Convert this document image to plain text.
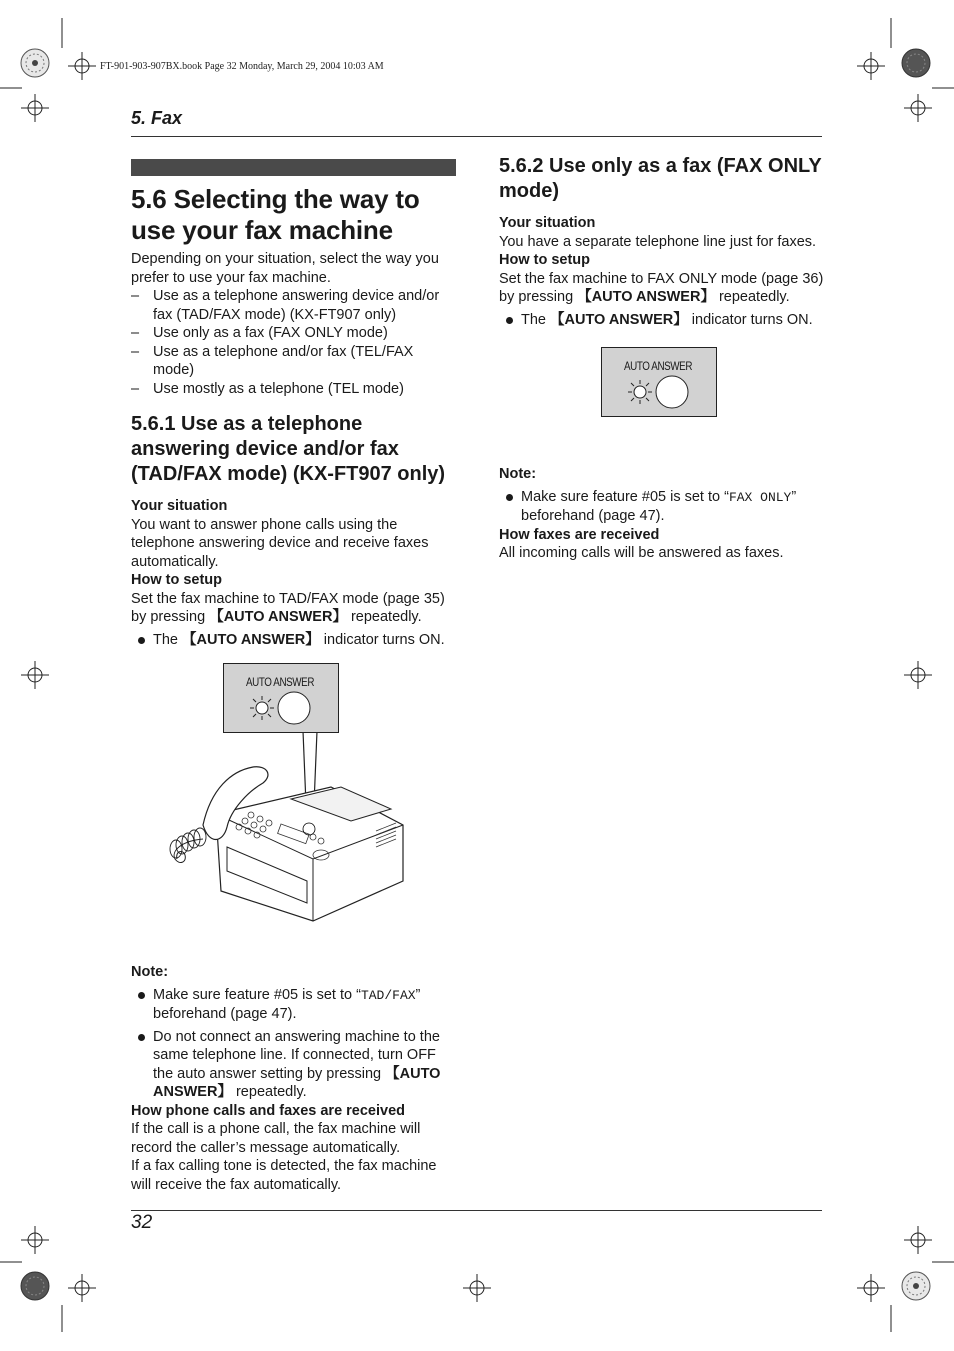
FT-901-903-907BX.book Page 32 Monday, March 29, 2004 10:03 AM
5. Fax
5.6 Selecting the way to use your fax machine

Depending on your situation, select the way you prefer to use your fax machine.

– Use as a telephone answering device and/or fax (TAD/FAX mode) (KX-FT907 only)
– Use only as a fax (FAX ONLY mode)
– Use as a telephone and/or fax (TEL/FAX mode)
– Use mostly as a telephone (TEL mode)
5.6.1 Use as a telephone answering device and/or fax (TAD/FAX mode) (KX-FT907 only)

Your situation

You want to answer phone calls using the telephone answering device and receive faxes automatically.

How to setup

Set the fax machine to TAD/FAX mode (page 35) by pressing 【AUTO ANSWER】 repeatedly.

The 【AUTO ANSWER】 indicator turns ON.
AUTO ANSWER

Note:

Make sure feature #05 is set to “TAD/FAX” beforehand (page 47).
Do not connect an answering machine to the same telephone line. If connected, turn OFF the auto answer setting by pressing 【AUTO ANSWER】 repeatedly.

How phone calls and faxes are received

If the call is a phone call, the fax machine will record the caller’s message automatically.

If a fax calling tone is detected, the fax machine will receive the fax automatically.

5.6.2 Use only as a fax (FAX ONLY mode)

Your situation

You have a separate telephone line just for faxes.

How to setup

Set the fax machine to FAX ONLY mode (page 36) by pressing 【AUTO ANSWER】 repeatedly.

The 【AUTO ANSWER】 indicator turns ON.
AUTO ANSWER

Note:

Make sure feature #05 is set to “FAX ONLY” beforehand (page 47).

How faxes are received

All incoming calls will be answered as faxes.

32
